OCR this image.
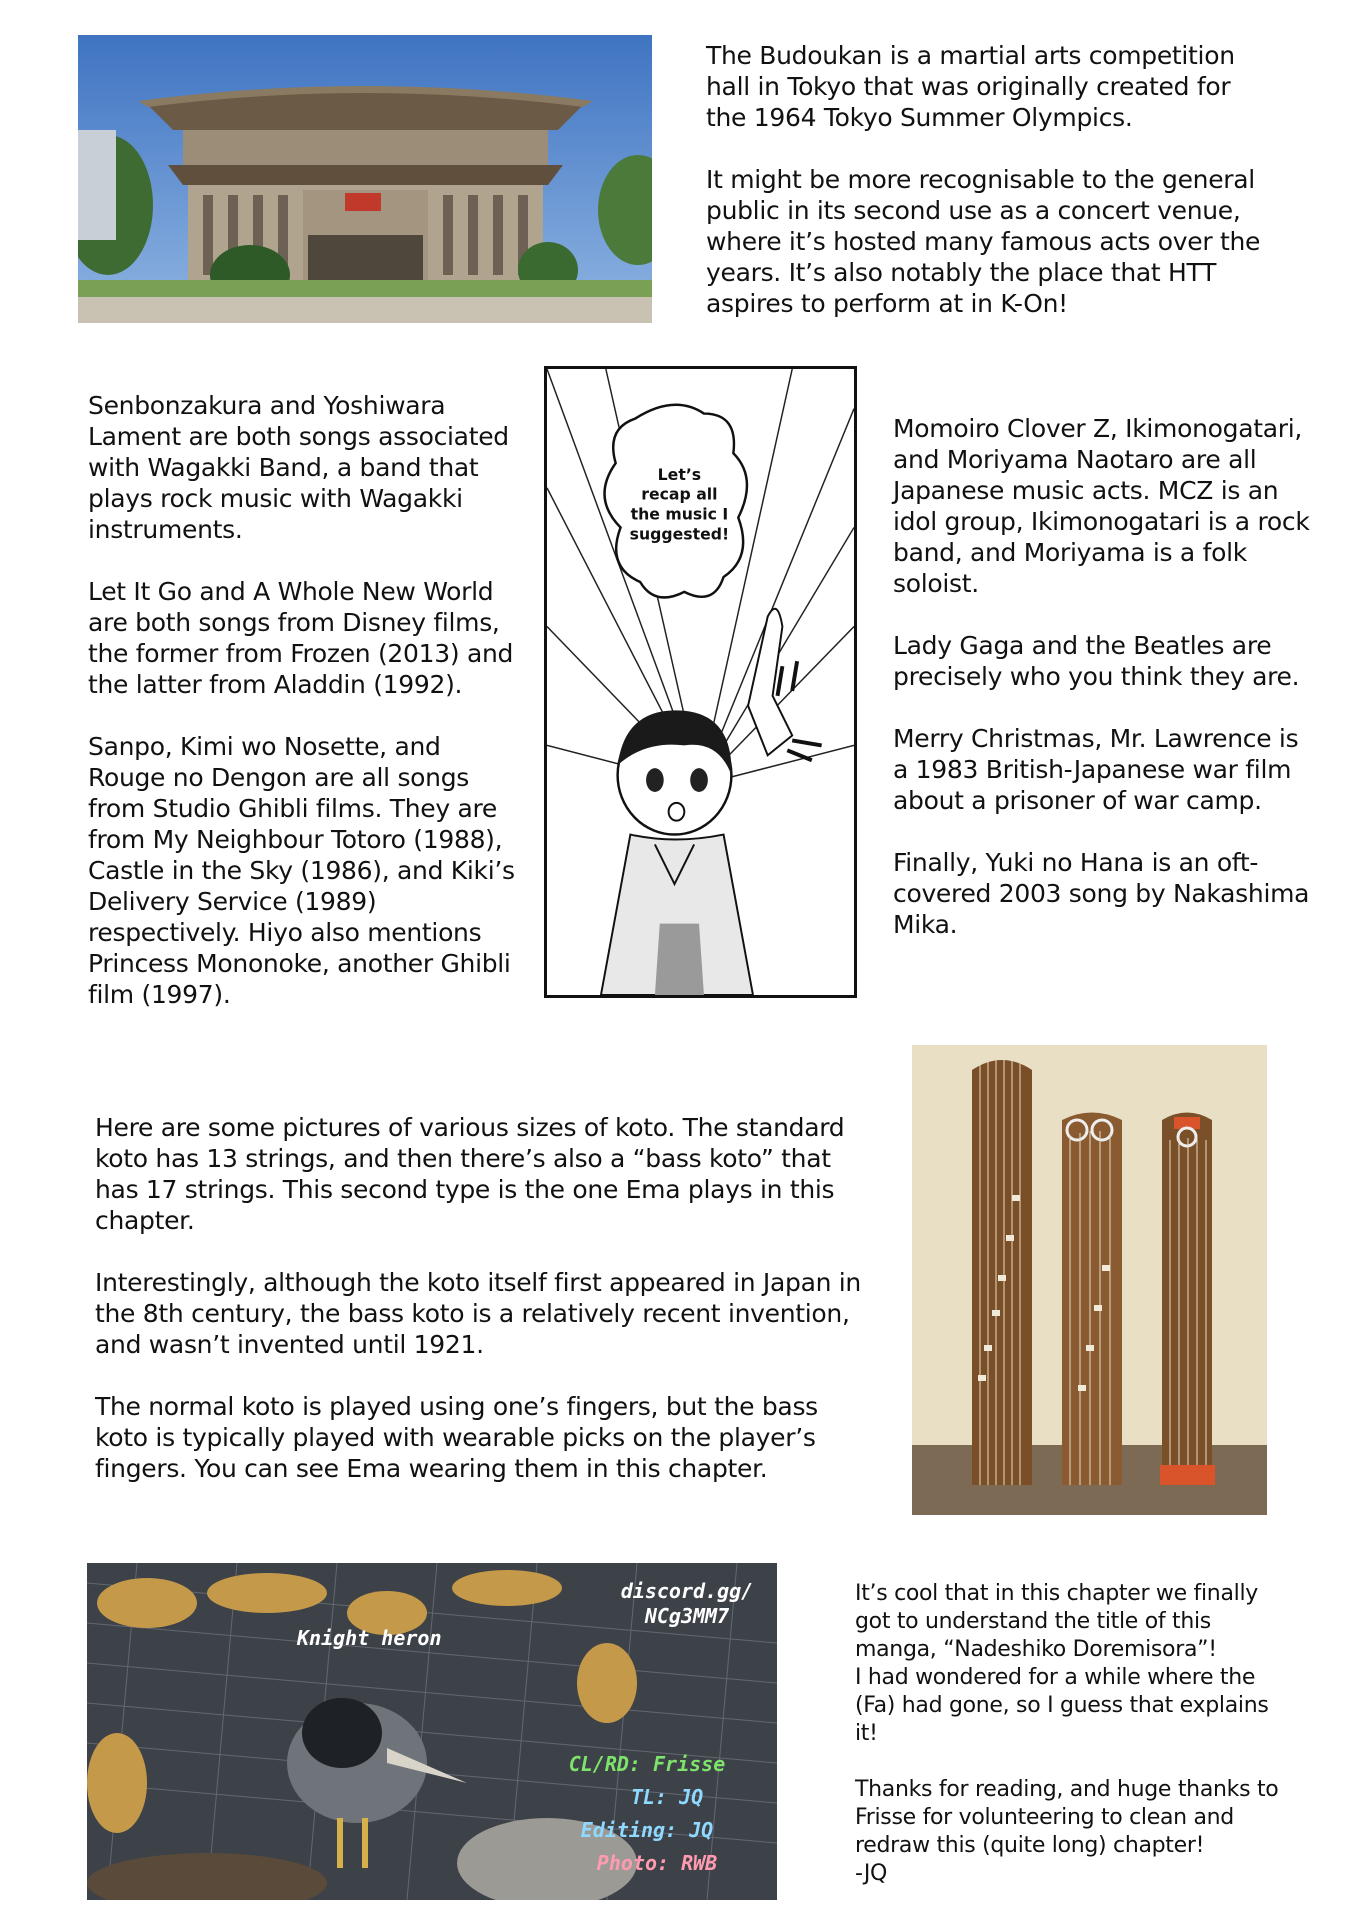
The Budoukan is a martial arts competition hall in Tokyo that was originally created for the 1964 Tokyo Summer Olympics.

It might be more recognisable to the general public in its second use as a concert venue, where it’s hosted many famous acts over the years. It’s also notably the place that HTT aspires to perform at in K-On!

Senbonzakura and Yoshiwara Lament are both songs associated with Wagakki Band, a band that plays rock music with Wagakki instruments.

Let It Go and A Whole New World are both songs from Disney films, the former from Frozen (2013) and the latter from Aladdin (1992).

Sanpo, Kimi wo Nosette, and Rouge no Dengon are all songs from Studio Ghibli films. They are from My Neighbour Totoro (1988), Castle in the Sky (1986), and Kiki’s Delivery Service (1989) respectively. Hiyo also mentions Princess Mononoke, another Ghibli film (1997).

Let’s
recap all
the music I
suggested!

Momoiro Clover Z, Ikimonogatari, and Moriyama Naotaro are all Japanese music acts. MCZ is an idol group, Ikimonogatari is a rock band, and Moriyama is a folk soloist.

Lady Gaga and the Beatles are precisely who you think they are.

Merry Christmas, Mr. Lawrence is a 1983 British-Japanese war film about a prisoner of war camp.

Finally, Yuki no Hana is an oft-covered 2003 song by Nakashima Mika.

Here are some pictures of various sizes of koto. The standard koto has 13 strings, and then there’s also a “bass koto” that has 17 strings. This second type is the one Ema plays in this chapter.

Interestingly, although the koto itself first appeared in Japan in the 8th century, the bass koto is a relatively recent invention, and wasn’t invented until 1921.

The normal koto is played using one’s fingers, but the bass koto is typically played with wearable picks on the player’s fingers. You can see Ema wearing them in this chapter.

Knight heron
discord.gg/
NCg3MM7
CL/RD: Frisse
TL: JQ
Editing: JQ
Photo: RWB

It’s cool that in this chapter we finally got to understand the title of this manga, “Nadeshiko Doremisora”!
I had wondered for a while where the (Fa) had gone, so I guess that explains it!

Thanks for reading, and huge thanks to Frisse for volunteering to clean and redraw this (quite long) chapter!
-JQ
